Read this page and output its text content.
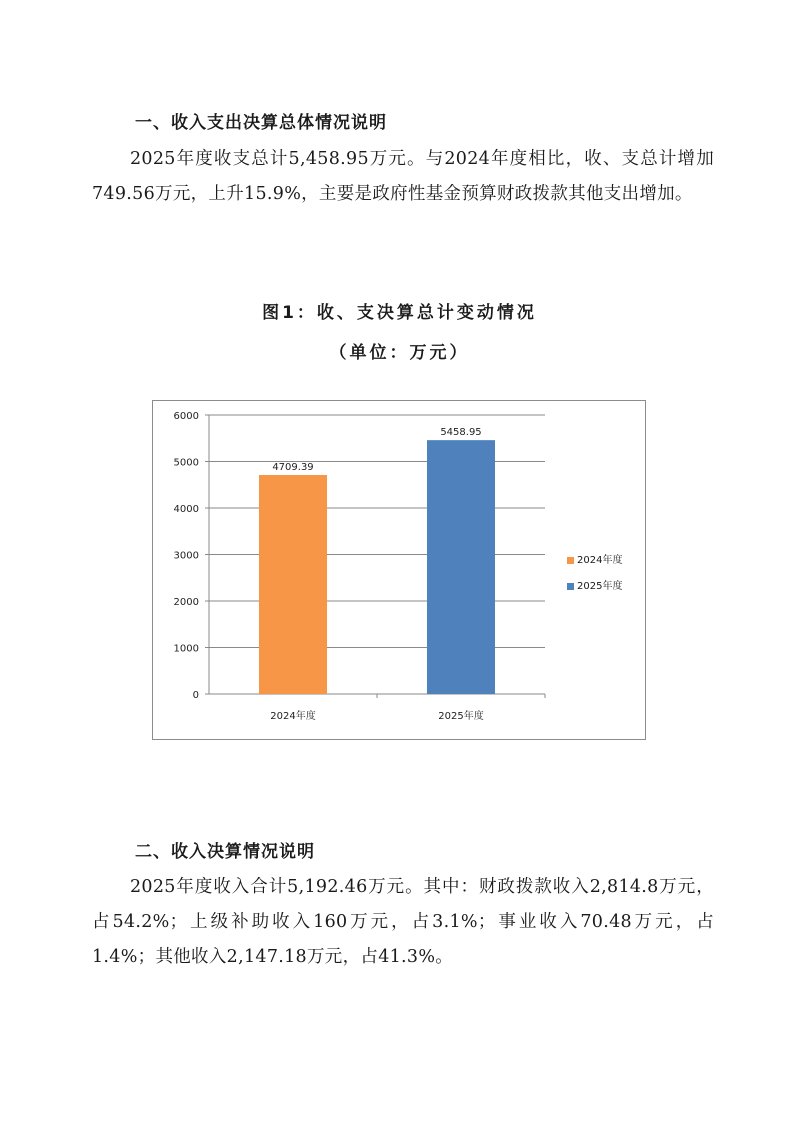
一、收入支出决算总体情况说明
2025年度收支总计5,458.95万元。与2024年度相比，收、支总计增加749.56万元，上升15.9%，主要是政府性基金预算财政拨款其他支出增加。
图1：收、支决算总计变动情况
（单位：万元）
0
1000
2000
3000
4000
5000
6000
4709.39
2024年度
5458.95
2025年度
2024年度
2025年度
二、收入决算情况说明
2025年度收入合计5,192.46万元。其中：财政拨款收入2,814.8万元，占54.2%；上级补助收入160万元，占3.1%；事业收入70.48万元，占1.4%；其他收入2,147.18万元，占41.3%。
